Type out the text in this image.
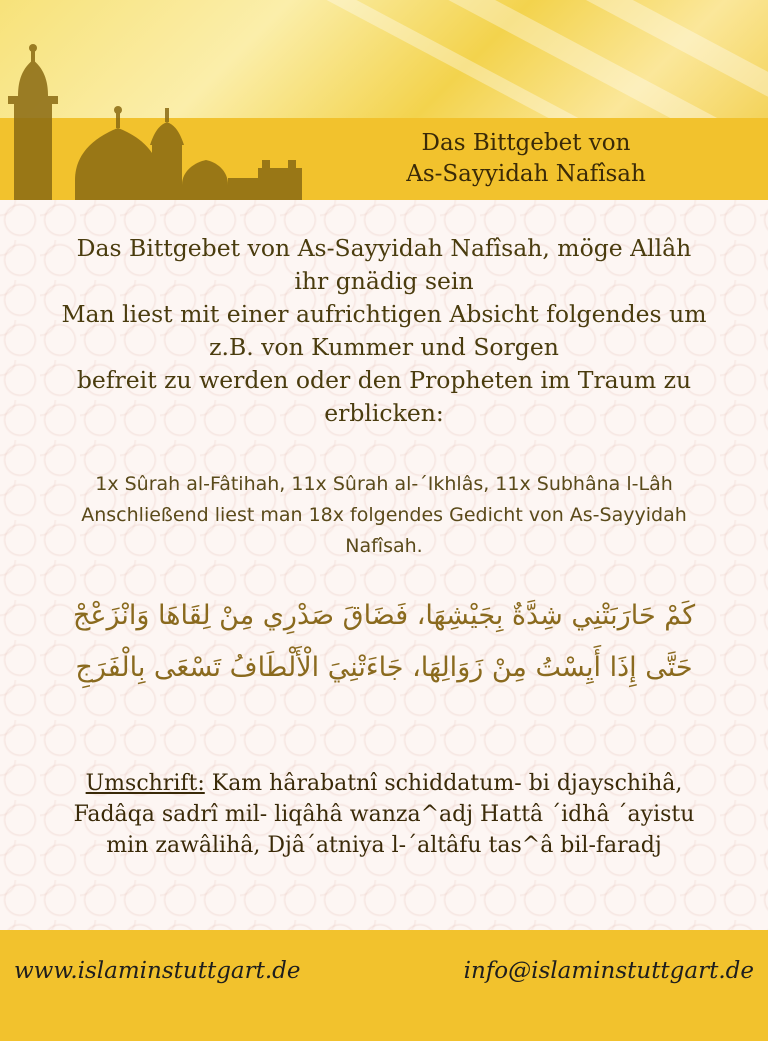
Das Bittgebet von
As-Sayyidah Nafîsah
Das Bittgebet von As-Sayyidah Nafîsah, möge Allâh
ihr gnädig sein
Man liest mit einer aufrichtigen Absicht folgendes um
z.B. von Kummer und Sorgen
befreit zu werden oder den Propheten im Traum zu
erblicken:
1x Sûrah al-Fâtihah, 11x Sûrah al-´Ikhlâs, 11x Subhâna l-Lâh
Anschließend liest man 18x folgendes Gedicht von As-Sayyidah
Nafîsah.
كَمْ حَارَبَتْنِي شِدَّةٌ بِجَيْشِهَا، فَضَاقَ صَدْرِي مِنْ لِقَاهَا وَانْزَعْجْ
حَتَّى إِذَا أَيِسْتُ مِنْ زَوَالِهَا، جَاءَتْنِيَ الْأَلْطَافُ تَسْعَى بِالْفَرَجِ
Umschrift: Kam hârabatnî schiddatum- bi djayschihâ,
Fadâqa sadrî mil- liqâhâ wanza^adj Hattâ ´idhâ ´ayistu
min zawâlihâ, Djâ´atniya l-´altâfu tas^â bil-faradj
www.islaminstuttgart.de	info@islaminstuttgart.de
